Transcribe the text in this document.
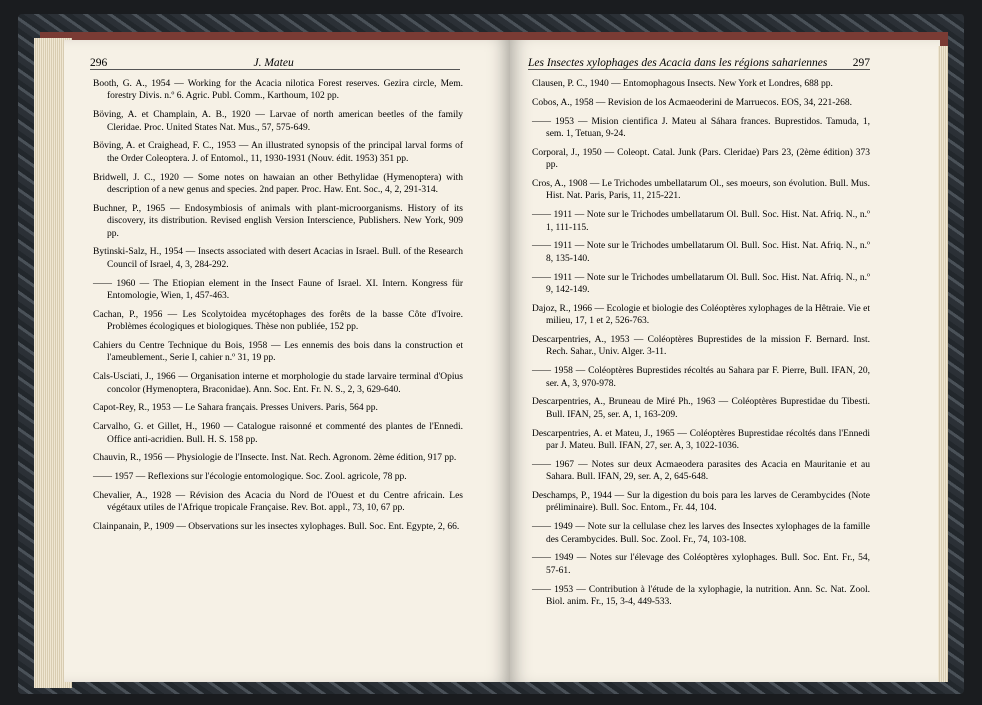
296	J. Mateu	Les Insectes xylophages des Acacia dans les régions sahariennes 297

Booth, G. A., 1954 — Working for the Acacia nilotica Forest reserves. Gezira circle, Mem. forestry Divis. n.º 6. Agric. Publ. Comm., Karthoum, 102 pp.

Böving, A. et Champlain, A. B., 1920 — Larvae of north american beetles of the family Cleridae. Proc. United States Nat. Mus., 57, 575-649.

Böving, A. et Craighead, F. C., 1953 — An illustrated synopsis of the principal larval forms of the Order Coleoptera. J. of Entomol., 11, 1930-1931 (Nouv. édit. 1953) 351 pp.

Bridwell, J. C., 1920 — Some notes on hawaian an other Bethylidae (Hymenoptera) with description of a new genus and species. 2nd paper. Proc. Haw. Ent. Soc., 4, 2, 291-314.

Buchner, P., 1965 — Endosymbiosis of animals with plant-microorganisms. History of its discovery, its distribution. Revised english Version Interscience, Publishers. New York, 909 pp.

Bytinski-Salz, H., 1954 — Insects associated with desert Acacias in Israel. Bull. of the Research Council of Israel, 4, 3, 284-292.

—— 1960 — The Etiopian element in the Insect Faune of Israel. XI. Intern. Kongress für Entomologie, Wien, 1, 457-463.

Cachan, P., 1956 — Les Scolytoidea mycétophages des forêts de la basse Côte d'Ivoire. Problèmes écologiques et biologiques. Thèse non publiée, 152 pp.

Cahiers du Centre Technique du Bois, 1958 — Les ennemis des bois dans la construction et l'ameublement., Serie I, cahier n.º 31, 19 pp.

Cals-Usciati, J., 1966 — Organisation interne et morphologie du stade larvaire terminal d'Opius concolor (Hymenoptera, Braconidae). Ann. Soc. Ent. Fr. N. S., 2, 3, 629-640.

Capot-Rey, R., 1953 — Le Sahara français. Presses Univers. Paris, 564 pp.

Carvalho, G. et Gillet, H., 1960 — Catalogue raisonné et commenté des plantes de l'Ennedi. Office anti-acridien. Bull. H. S. 158 pp.

Chauvin, R., 1956 — Physiologie de l'Insecte. Inst. Nat. Rech. Agronom. 2ème édition, 917 pp.

—— 1957 — Reflexions sur l'écologie entomologique. Soc. Zool. agricole, 78 pp.

Chevalier, A., 1928 — Révision des Acacia du Nord de l'Ouest et du Centre africain. Les végétaux utiles de l'Afrique tropicale Française. Rev. Bot. appl., 73, 10, 67 pp.

Clainpanain, P., 1909 — Observations sur les insectes xylophages. Bull. Soc. Ent. Egypte, 2, 66.

Clausen, P. C., 1940 — Entomophagous Insects. New York et Londres, 688 pp.

Cobos, A., 1958 — Revision de los Acmaeoderini de Marruecos. EOS, 34, 221-268.

—— 1953 — Mision cientifica J. Mateu al Sáhara frances. Buprestidos. Tamuda, 1, sem. 1, Tetuan, 9-24.

Corporal, J., 1950 — Coleopt. Catal. Junk (Pars. Cleridae) Pars 23, (2ème édition) 373 pp.

Cros, A., 1908 — Le Trichodes umbellatarum Ol., ses moeurs, son évolution. Bull. Mus. Hist. Nat. Paris, Paris, 11, 215-221.

—— 1911 — Note sur le Trichodes umbellatarum Ol. Bull. Soc. Hist. Nat. Afriq. N., n.º 1, 111-115.

—— 1911 — Note sur le Trichodes umbellatarum Ol. Bull. Soc. Hist. Nat. Afriq. N., n.º 8, 135-140.

—— 1911 — Note sur le Trichodes umbellatarum Ol. Bull. Soc. Hist. Nat. Afriq. N., n.º 9, 142-149.

Dajoz, R., 1966 — Ecologie et biologie des Coléoptères xylophages de la Hêtraie. Vie et milieu, 17, 1 et 2, 526-763.

Descarpentries, A., 1953 — Coléoptères Buprestides de la mission F. Bernard. Inst. Rech. Sahar., Univ. Alger. 3-11.

—— 1958 — Coléoptères Buprestides récoltés au Sahara par F. Pierre, Bull. IFAN, 20, ser. A, 3, 970-978.

Descarpentries, A., Bruneau de Miré Ph., 1963 — Coléoptères Buprestidae du Tibesti. Bull. IFAN, 25, ser. A, 1, 163-209.

Descarpentries, A. et Mateu, J., 1965 — Coléoptères Buprestidae récoltés dans l'Ennedi par J. Mateu. Bull. IFAN, 27, ser. A, 3, 1022-1036.

—— 1967 — Notes sur deux Acmaeodera parasites des Acacia en Mauritanie et au Sahara. Bull. IFAN, 29, ser. A, 2, 645-648.

Deschamps, P., 1944 — Sur la digestion du bois para les larves de Cerambycides (Note préliminaire). Bull. Soc. Entom., Fr. 44, 104.

—— 1949 — Note sur la cellulase chez les larves des Insectes xylophages de la famille des Cerambycides. Bull. Soc. Zool. Fr., 74, 103-108.

—— 1949 — Notes sur l'élevage des Coléoptères xylophages. Bull. Soc. Ent. Fr., 54, 57-61.

—— 1953 — Contribution à l'étude de la xylophagie, la nutrition. Ann. Sc. Nat. Zool. Biol. anim. Fr., 15, 3-4, 449-533.
